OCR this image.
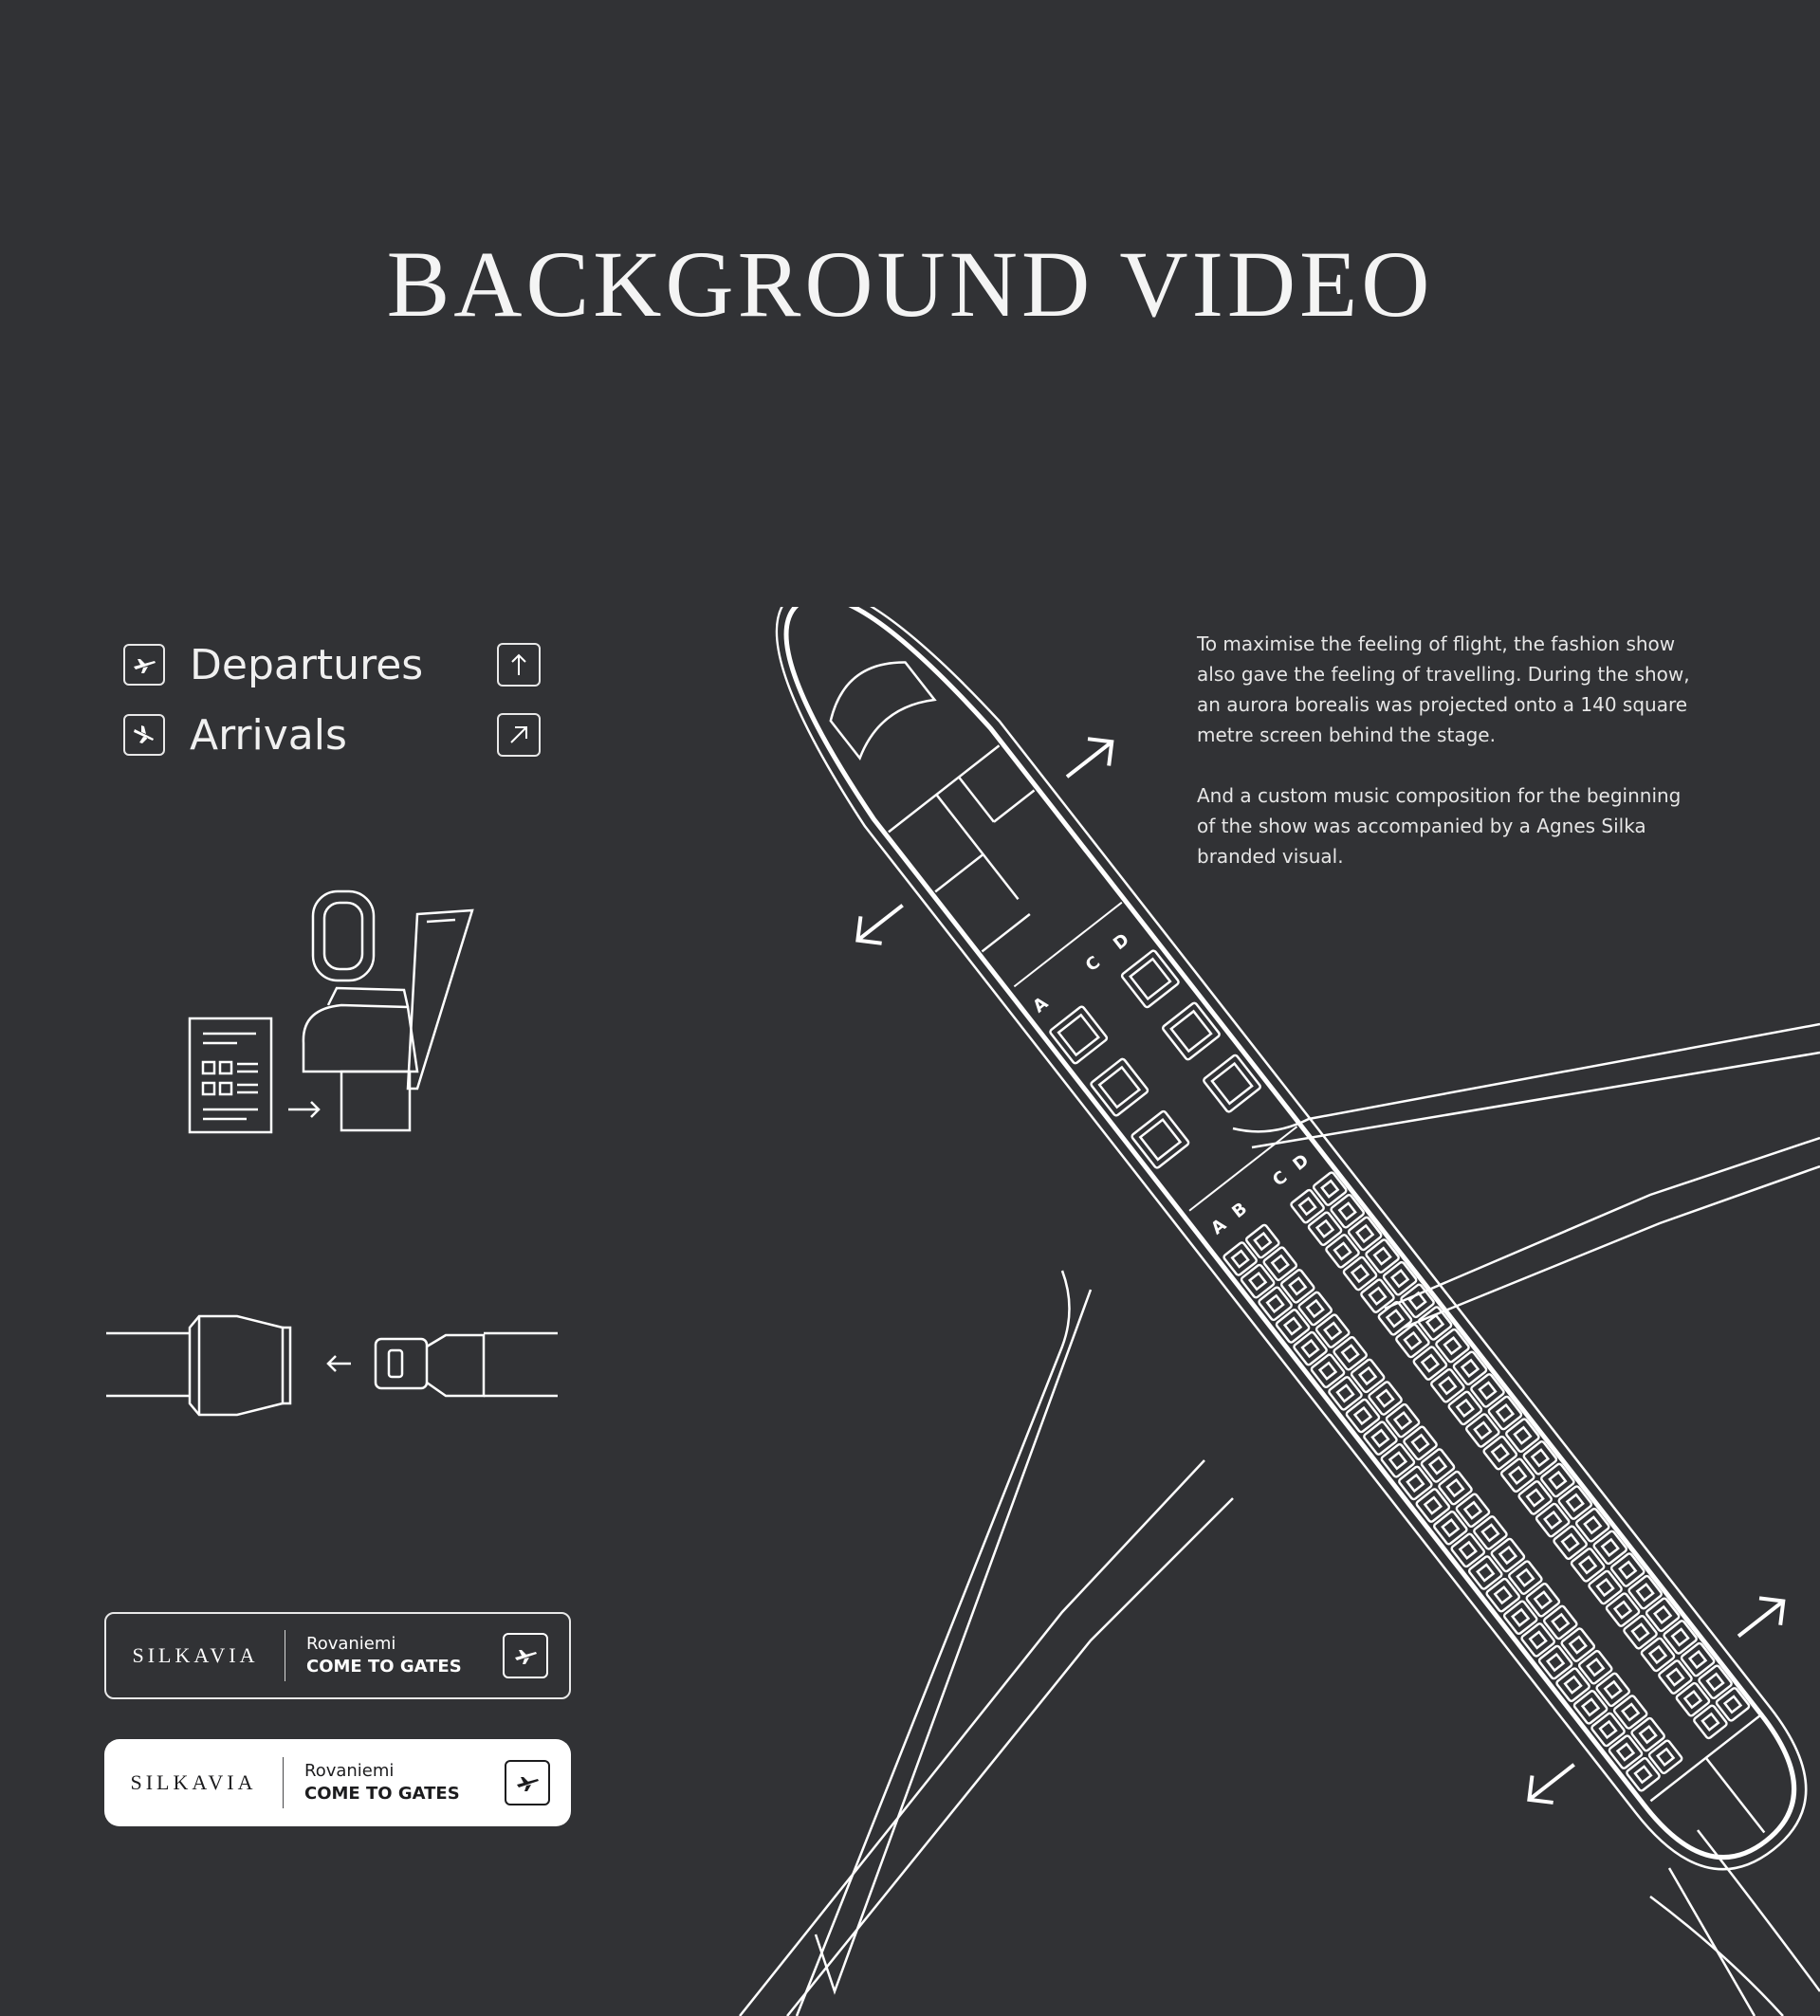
BACKGROUND VIDEO
Departures
Arrivals

To maximise the feeling of flight, the fashion show also gave the feeling of travelling. During the show, an aurora borealis was projected onto a 140 square metre screen behind the stage.

And a custom music composition for the beginning of the show was accompanied by a Agnes Silka branded visual.

SILKAVIA	Rovaniemi
COME TO GATES
SILKAVIA	Rovaniemi
COME TO GATES
D
C
A
D
C
B
A
